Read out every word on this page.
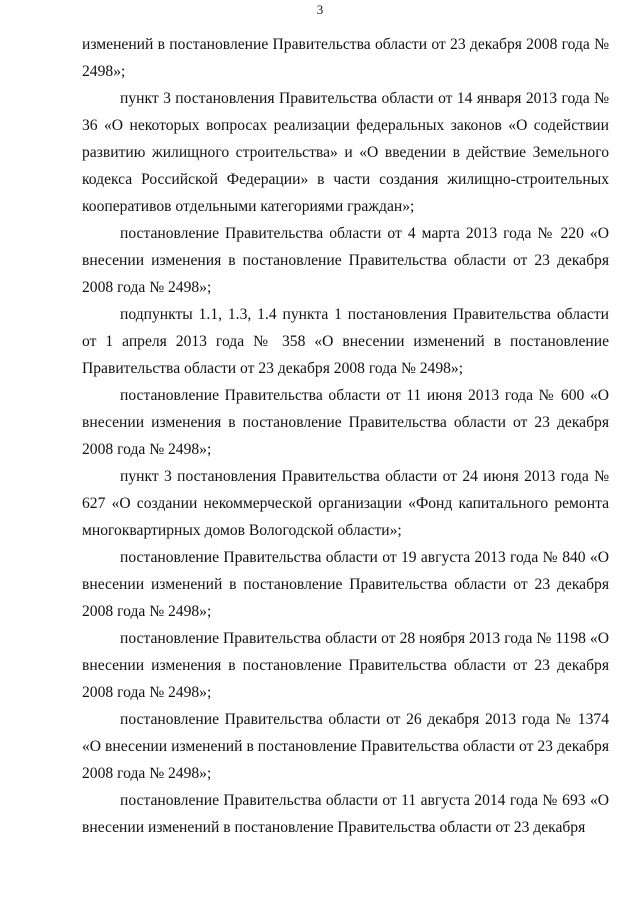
3

изменений в постановление Правительства области от 23 декабря 2008 года № 2498»;

пункт 3 постановления Правительства области от 14 января 2013 года № 36 «О некоторых вопросах реализации федеральных законов «О содействии развитию жилищного строительства» и «О введении в действие Земельного кодекса Российской Федерации» в части создания жилищно-строительных кооперативов отдельными категориями граждан»;

постановление Правительства области от 4 марта 2013 года № 220 «О внесении изменения в постановление Правительства области от 23 декабря 2008 года № 2498»;

подпункты 1.1, 1.3, 1.4 пункта 1 постановления Правительства области от 1 апреля 2013 года № 358 «О внесении изменений в постановление Правительства области от 23 декабря 2008 года № 2498»;

постановление Правительства области от 11 июня 2013 года № 600 «О внесении изменения в постановление Правительства области от 23 декабря 2008 года № 2498»;

пункт 3 постановления Правительства области от 24 июня 2013 года № 627 «О создании некоммерческой организации «Фонд капитального ремонта многоквартирных домов Вологодской области»;

постановление Правительства области от 19 августа 2013 года № 840 «О внесении изменений в постановление Правительства области от 23 декабря 2008 года № 2498»;

постановление Правительства области от 28 ноября 2013 года № 1198 «О внесении изменения в постановление Правительства области от 23 декабря 2008 года № 2498»;

постановление Правительства области от 26 декабря 2013 года № 1374 «О внесении изменений в постановление Правительства области от 23 декабря 2008 года № 2498»;

постановление Правительства области от 11 августа 2014 года № 693 «О внесении изменений в постановление Правительства области от 23 декабря
